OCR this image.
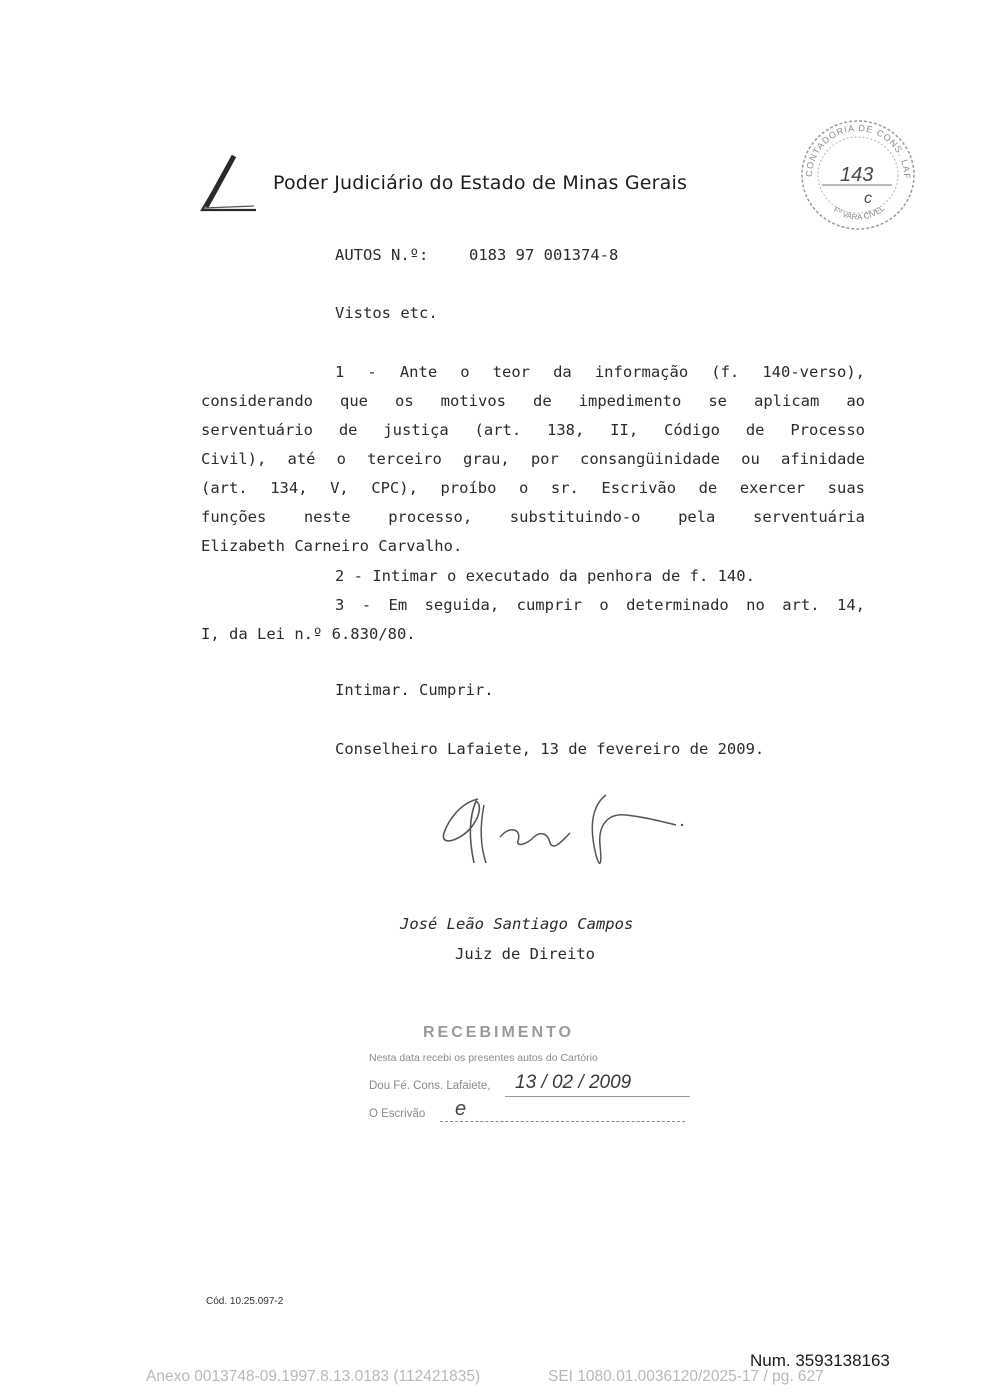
Poder Judiciário do Estado de Minas Gerais	CONTADORIA DE CONS. LAF
Fº VARA CÍVEL
143
c
AUTOS N.º:	0183 97 001374-8
Vistos etc.
1 - Ante o teor da informação (f. 140-verso),
considerando que os motivos de impedimento se aplicam ao
serventuário de justiça (art. 138, II, Código de Processo
Civil), até o terceiro grau, por consangüinidade ou afinidade
(art. 134, V, CPC), proíbo o sr. Escrivão de exercer suas
funções neste processo, substituindo-o pela serventuária
Elizabeth Carneiro Carvalho.
2 - Intimar o executado da penhora de f. 140.
3 - Em seguida, cumprir o determinado no art. 14,
I, da Lei n.º 6.830/80.
Intimar. Cumprir.
Conselheiro Lafaiete, 13 de fevereiro de 2009.
José Leão Santiago Campos
Juiz de Direito
RECEBIMENTO
Nesta data recebi os presentes autos do Cartório
Dou Fé. Cons. Lafaiete, 13 / 02 / 2009
O Escrivão e
Cód. 10.25.097-2
Num. 3593138163
Anexo 0013748-09.1997.8.13.0183 (112421835)	SEI 1080.01.0036120/2025-17 / pg. 627
